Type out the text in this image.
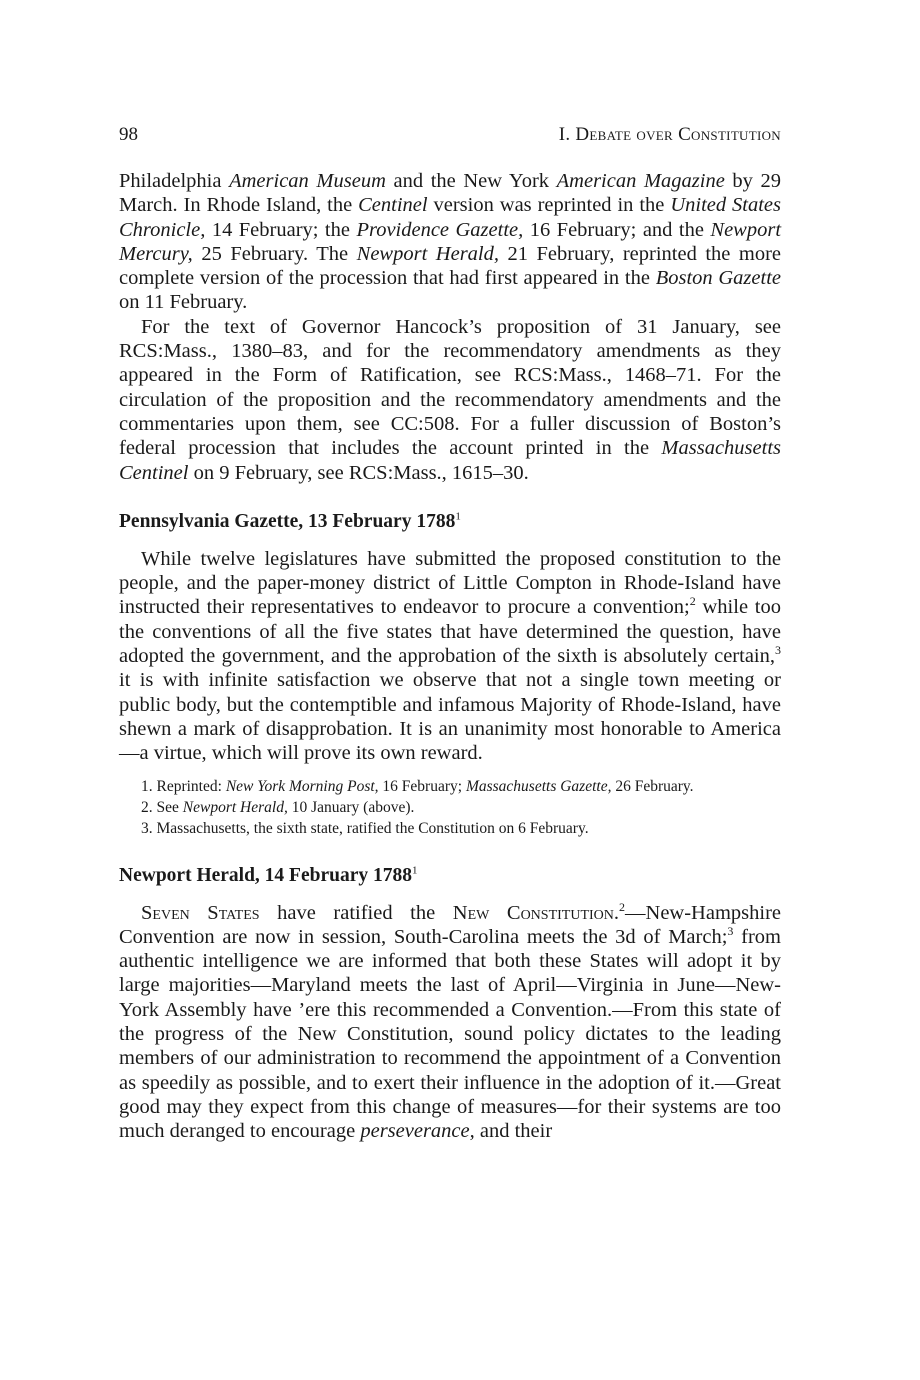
98	I. Debate over Constitution

Philadelphia American Museum and the New York American Magazine by 29 March. In Rhode Island, the Centinel version was reprinted in the United States Chronicle, 14 February; the Providence Gazette, 16 February; and the Newport Mercury, 25 February. The Newport Herald, 21 February, reprinted the more complete version of the procession that had first appeared in the Boston Gazette on 11 February.

For the text of Governor Hancock’s proposition of 31 January, see RCS:Mass., 1380–83, and for the recommendatory amendments as they appeared in the Form of Ratification, see RCS:Mass., 1468–71. For the circulation of the proposition and the recommendatory amendments and the commentaries upon them, see CC:508. For a fuller discussion of Boston’s federal procession that includes the account printed in the Massachusetts Centinel on 9 February, see RCS:Mass., 1615–30.

Pennsylvania Gazette, 13 February 1788$^1$

While twelve legislatures have submitted the proposed constitution to the people, and the paper-money district of Little Compton in Rhode-Island have instructed their representatives to endeavor to procure a convention;$^2$ while too the conventions of all the five states that have determined the question, have adopted the government, and the approbation of the sixth is absolutely certain,$^3$ it is with infinite satisfaction we observe that not a single town meeting or public body, but the contemptible and infamous Majority of Rhode-Island, have shewn a mark of disapprobation. It is an unanimity most honorable to America—a virtue, which will prove its own reward.

1. Reprinted: New York Morning Post, 16 February; Massachusetts Gazette, 26 February.
2. See Newport Herald, 10 January (above).
3. Massachusetts, the sixth state, ratified the Constitution on 6 February.
Newport Herald, 14 February 1788$^1$

Seven States have ratified the New Constitution.$^2$—New-Hampshire Convention are now in session, South-Carolina meets the 3d of March;$^3$ from authentic intelligence we are informed that both these States will adopt it by large majorities—Maryland meets the last of April—Virginia in June—New-York Assembly have ’ere this recommended a Convention.—From this state of the progress of the New Constitution, sound policy dictates to the leading members of our administration to recommend the appointment of a Convention as speedily as possible, and to exert their influence in the adoption of it.—Great good may they expect from this change of measures—for their systems are too much deranged to encourage perseverance, and their
